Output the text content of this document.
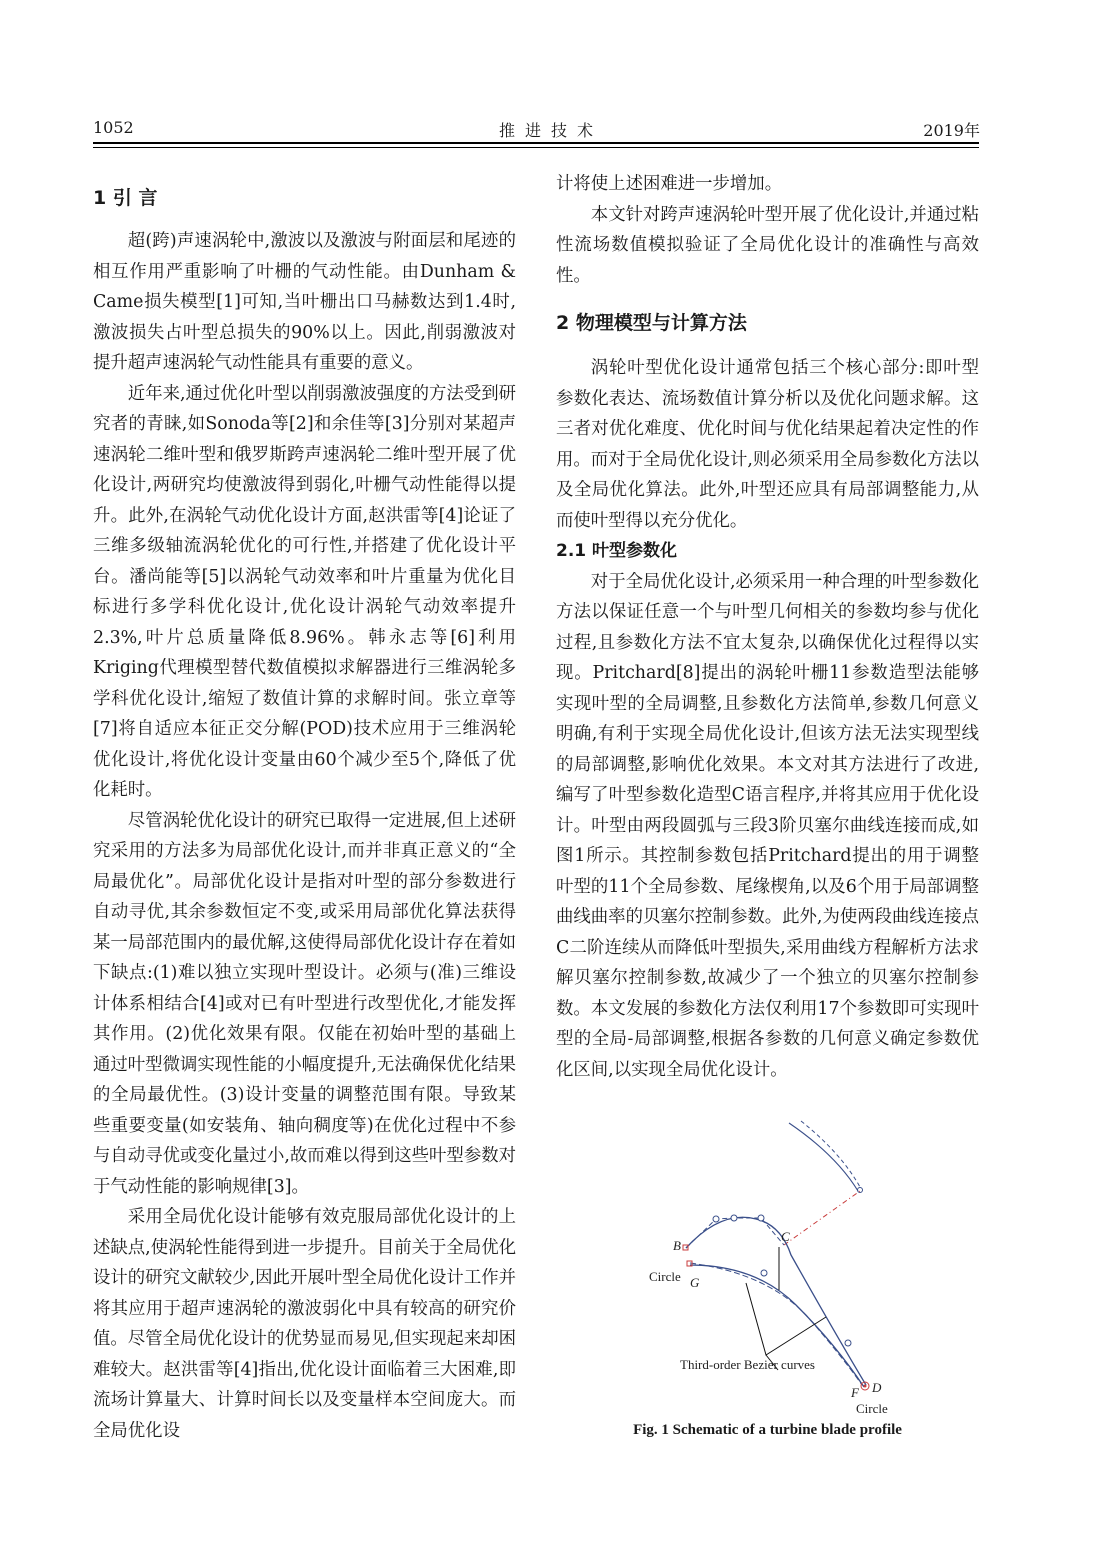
1052	推进技术	2019年
1 引 言

超(跨)声速涡轮中,激波以及激波与附面层和尾迹的相互作用严重影响了叶栅的气动性能。由Dunham & Came损失模型[1]可知,当叶栅出口马赫数达到1.4时,激波损失占叶型总损失的90%以上。因此,削弱激波对提升超声速涡轮气动性能具有重要的意义。

近年来,通过优化叶型以削弱激波强度的方法受到研究者的青睐,如Sonoda等[2]和余佳等[3]分别对某超声速涡轮二维叶型和俄罗斯跨声速涡轮二维叶型开展了优化设计,两研究均使激波得到弱化,叶栅气动性能得以提升。此外,在涡轮气动优化设计方面,赵洪雷等[4]论证了三维多级轴流涡轮优化的可行性,并搭建了优化设计平台。潘尚能等[5]以涡轮气动效率和叶片重量为优化目标进行多学科优化设计,优化设计涡轮气动效率提升2.3%,叶片总质量降低8.96%。韩永志等[6]利用Kriging代理模型替代数值模拟求解器进行三维涡轮多学科优化设计,缩短了数值计算的求解时间。张立章等[7]将自适应本征正交分解(POD)技术应用于三维涡轮优化设计,将优化设计变量由60个减少至5个,降低了优化耗时。

尽管涡轮优化设计的研究已取得一定进展,但上述研究采用的方法多为局部优化设计,而并非真正意义的“全局最优化”。局部优化设计是指对叶型的部分参数进行自动寻优,其余参数恒定不变,或采用局部优化算法获得某一局部范围内的最优解,这使得局部优化设计存在着如下缺点:(1)难以独立实现叶型设计。必须与(准)三维设计体系相结合[4]或对已有叶型进行改型优化,才能发挥其作用。(2)优化效果有限。仅能在初始叶型的基础上通过叶型微调实现性能的小幅度提升,无法确保优化结果的全局最优性。(3)设计变量的调整范围有限。导致某些重要变量(如安装角、轴向稠度等)在优化过程中不参与自动寻优或变化量过小,故而难以得到这些叶型参数对于气动性能的影响规律[3]。

采用全局优化设计能够有效克服局部优化设计的上述缺点,使涡轮性能得到进一步提升。目前关于全局优化设计的研究文献较少,因此开展叶型全局优化设计工作并将其应用于超声速涡轮的激波弱化中具有较高的研究价值。尽管全局优化设计的优势显而易见,但实现起来却困难较大。赵洪雷等[4]指出,优化设计面临着三大困难,即流场计算量大、计算时间长以及变量样本空间庞大。而全局优化设

计将使上述困难进一步增加。

本文针对跨声速涡轮叶型开展了优化设计,并通过粘性流场数值模拟验证了全局优化设计的准确性与高效性。

2 物理模型与计算方法

涡轮叶型优化设计通常包括三个核心部分:即叶型参数化表达、流场数值计算分析以及优化问题求解。这三者对优化难度、优化时间与优化结果起着决定性的作用。而对于全局优化设计,则必须采用全局参数化方法以及全局优化算法。此外,叶型还应具有局部调整能力,从而使叶型得以充分优化。

2.1 叶型参数化

对于全局优化设计,必须采用一种合理的叶型参数化方法以保证任意一个与叶型几何相关的参数均参与优化过程,且参数化方法不宜太复杂,以确保优化过程得以实现。Pritchard[8]提出的涡轮叶栅11参数造型法能够实现叶型的全局调整,且参数化方法简单,参数几何意义明确,有利于实现全局优化设计,但该方法无法实现型线的局部调整,影响优化效果。本文对其方法进行了改进,编写了叶型参数化造型C语言程序,并将其应用于优化设计。叶型由两段圆弧与三段3阶贝塞尔曲线连接而成,如图1所示。其控制参数包括Pritchard提出的用于调整叶型的11个全局参数、尾缘楔角,以及6个用于局部调整曲线曲率的贝塞尔控制参数。此外,为使两段曲线连接点C二阶连续从而降低叶型损失,采用曲线方程解析方法求解贝塞尔控制参数,故减少了一个独立的贝塞尔控制参数。本文发展的参数化方法仅利用17个参数即可实现叶型的全局-局部调整,根据各参数的几何意义确定参数优化区间,以实现全局优化设计。

B
C
G
Circle
Third-order Bezier curves
F D
Circle
Fig. 1 Schematic of a turbine blade profile
